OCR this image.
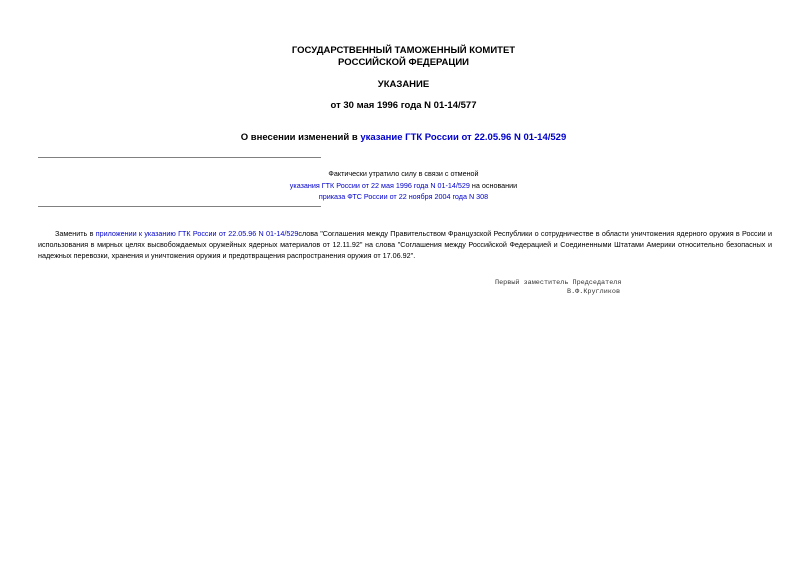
ГОСУДАРСТВЕННЫЙ ТАМОЖЕННЫЙ КОМИТЕТ
РОССИЙСКОЙ ФЕДЕРАЦИИ
УКАЗАНИЕ
от 30 мая 1996 года N 01-14/577
О внесении изменений в указание ГТК России от 22.05.96 N 01-14/529
Фактически утратило силу в связи с отменой
указания ГТК России от 22 мая 1996 года N 01-14/529 на основании
приказа ФТС России от 22 ноября 2004 года N 308
Заменить в приложении к указанию ГТК России от 22.05.96 N 01-14/529слова "Соглашения между Правительством Французской Республики о сотрудничестве в области уничтожения ядерного оружия в России и использования в мирных целях высвобождаемых оружейных ядерных материалов от 12.11.92" на слова "Соглашения между Российской Федерацией и Соединенными Штатами Америки относительно безопасных и надежных перевозки, хранения и уничтожения оружия и предотвращения распространения оружия от 17.06.92".
Первый заместитель Председателя
В.Ф.Кругликов
